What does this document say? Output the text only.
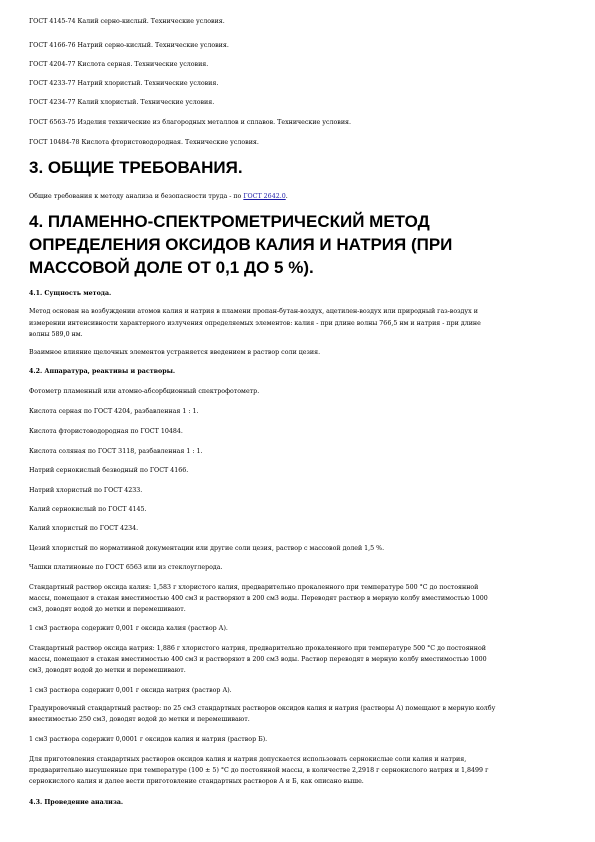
ГОСТ 4145-74 Калий серно-кислый. Технические условия.

ГОСТ 4166-76 Натрий серно-кислый. Технические условия.

ГОСТ 4204-77 Кислота серная. Технические условия.

ГОСТ 4233-77 Натрий хлористый. Технические условия.

ГОСТ 4234-77 Калий хлористый. Технические условия.

ГОСТ 6563-75 Изделия технические из благородных металлов и сплавов. Технические условия.

ГОСТ 10484-78 Кислота фтористоводородная. Технические условия.

3. ОБЩИЕ ТРЕБОВАНИЯ.

Общие требования к методу анализа и безопасности труда - по ГОСТ 2642.0.

4. ПЛАМЕННО-СПЕКТРОМЕТРИЧЕСКИЙ МЕТОД
ОПРЕДЕЛЕНИЯ ОКСИДОВ КАЛИЯ И НАТРИЯ (ПРИ
МАССОВОЙ ДОЛЕ ОТ 0,1 ДО 5 %).

4.1. Сущность метода.

Метод основан на возбуждении атомов калия и натрия в пламени пропан-бутан-воздух, ацетилен-воздух или природный газ-воздух и

измерении интенсивности характерного излучения определяемых элементов: калия - при длине волны 766,5 нм и натрия - при длине

волны 589,0 нм.

Взаимное влияние щелочных элементов устраняется введением в раствор соли цезия.

4.2. Аппаратура, реактивы и растворы.

Фотометр пламенный или атомно-абсорбционный спектрофотометр.

Кислота серная по ГОСТ 4204, разбавленная 1 : 1.

Кислота фтористоводородная по ГОСТ 10484.

Кислота соляная по ГОСТ 3118, разбавленная 1 : 1.

Натрий сернокислый безводный по ГОСТ 4166.

Натрий хлористый по ГОСТ 4233.

Калий сернокислый по ГОСТ 4145.

Калий хлористый по ГОСТ 4234.

Цезий хлористый по нормативной документации или другие соли цезия, раствор с массовой долей 1,5 %.

Чашки платиновые по ГОСТ 6563 или из стеклоуглерода.

Стандартный раствор оксида калия: 1,583 г хлористого калия, предварительно прокаленного при температуре 500 °С до постоянной

массы, помещают в стакан вместимостью 400 см3 и растворяют в 200 см3 воды. Переводят раствор в мерную колбу вместимостью 1000

см3, доводят водой до метки и перемешивают.

1 см3 раствора содержит 0,001 г оксида калия (раствор А).

Стандартный раствор оксида натрия: 1,886 г хлористого натрия, предварительно прокаленного при температуре 500 °С до постоянной

массы, помещают в стакан вместимостью 400 см3 и растворяют в 200 см3 воды. Раствор переводят в мерную колбу вместимостью 1000

см3, доводят водой до метки и перемешивают.

1 см3 раствора содержит 0,001 г оксида натрия (раствор А).

Градуировочный стандартный раствор: по 25 см3 стандартных растворов оксидов калия и натрия (растворы А) помещают в мерную колбу

вместимостью 250 см3, доводят водой до метки и перемешивают.

1 см3 раствора содержит 0,0001 г оксидов калия и натрия (раствор Б).

Для приготовления стандартных растворов оксидов калия и натрия допускается использовать сернокислые соли калия и натрия,

предварительно высушенные при температуре (100 ± 5) °С до постоянной массы, в количестве 2,2918 г сернокислого натрия и 1,8499 г

сернокислого калия и далее вести приготовление стандартных растворов А и Б, как описано выше.

4.3. Проведение анализа.
